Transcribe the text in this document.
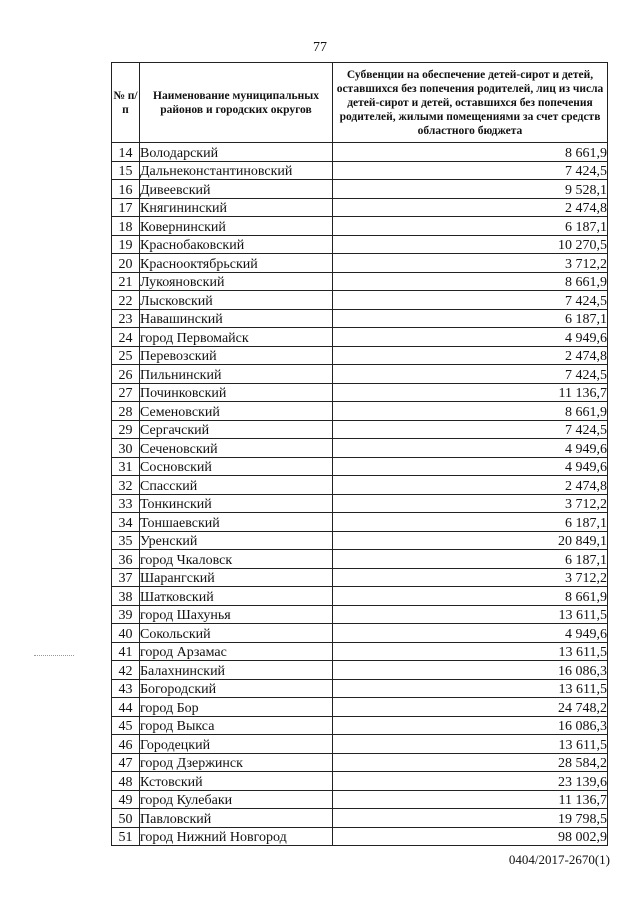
77
№ п/п	Наименование муниципальных районов и городских округов	Субвенции на обеспечение детей-сирот и детей, оставшихся без попечения родителей, лиц из числа детей-сирот и детей, оставшихся без попечения родителей, жилыми помещениями за счет средств областного бюджета
14	Володарский	8 661,9
15	Дальнеконстантиновский	7 424,5
16	Дивеевский	9 528,1
17	Княгининский	2 474,8
18	Ковернинский	6 187,1
19	Краснобаковский	10 270,5
20	Краснооктябрьский	3 712,2
21	Лукояновский	8 661,9
22	Лысковский	7 424,5
23	Навашинский	6 187,1
24	город Первомайск	4 949,6
25	Перевозский	2 474,8
26	Пильнинский	7 424,5
27	Починковский	11 136,7
28	Семеновский	8 661,9
29	Сергачский	7 424,5
30	Сеченовский	4 949,6
31	Сосновский	4 949,6
32	Спасский	2 474,8
33	Тонкинский	3 712,2
34	Тоншаевский	6 187,1
35	Уренский	20 849,1
36	город Чкаловск	6 187,1
37	Шарангский	3 712,2
38	Шатковский	8 661,9
39	город Шахунья	13 611,5
40	Сокольский	4 949,6
41	город Арзамас	13 611,5
42	Балахнинский	16 086,3
43	Богородский	13 611,5
44	город Бор	24 748,2
45	город Выкса	16 086,3
46	Городецкий	13 611,5
47	город Дзержинск	28 584,2
48	Кстовский	23 139,6
49	город Кулебаки	11 136,7
50	Павловский	19 798,5
51	город Нижний Новгород	98 002,9
0404/2017-2670(1)
